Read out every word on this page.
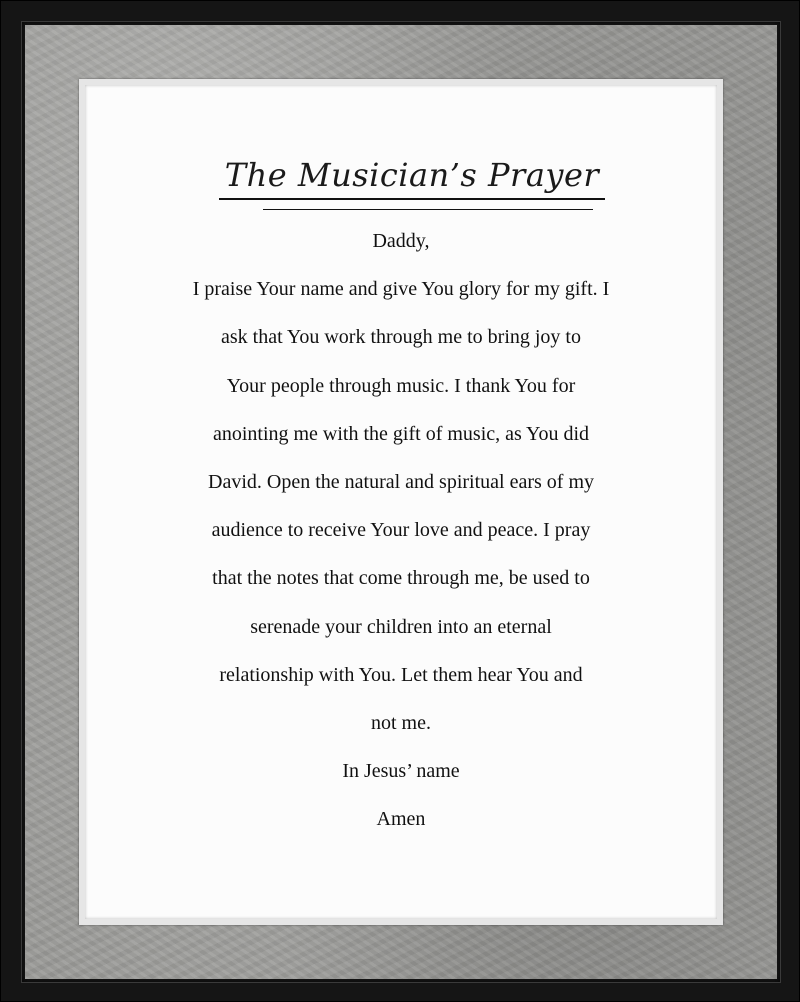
The Musician’s Prayer
Daddy,
I praise Your name and give You glory for my gift. I
ask that You work through me to bring joy to
Your people through music. I thank You for
anointing me with the gift of music, as You did
David. Open the natural and spiritual ears of my
audience to receive Your love and peace. I pray
that the notes that come through me, be used to
serenade your children into an eternal
relationship with You. Let them hear You and
not me.
In Jesus’ name
Amen
